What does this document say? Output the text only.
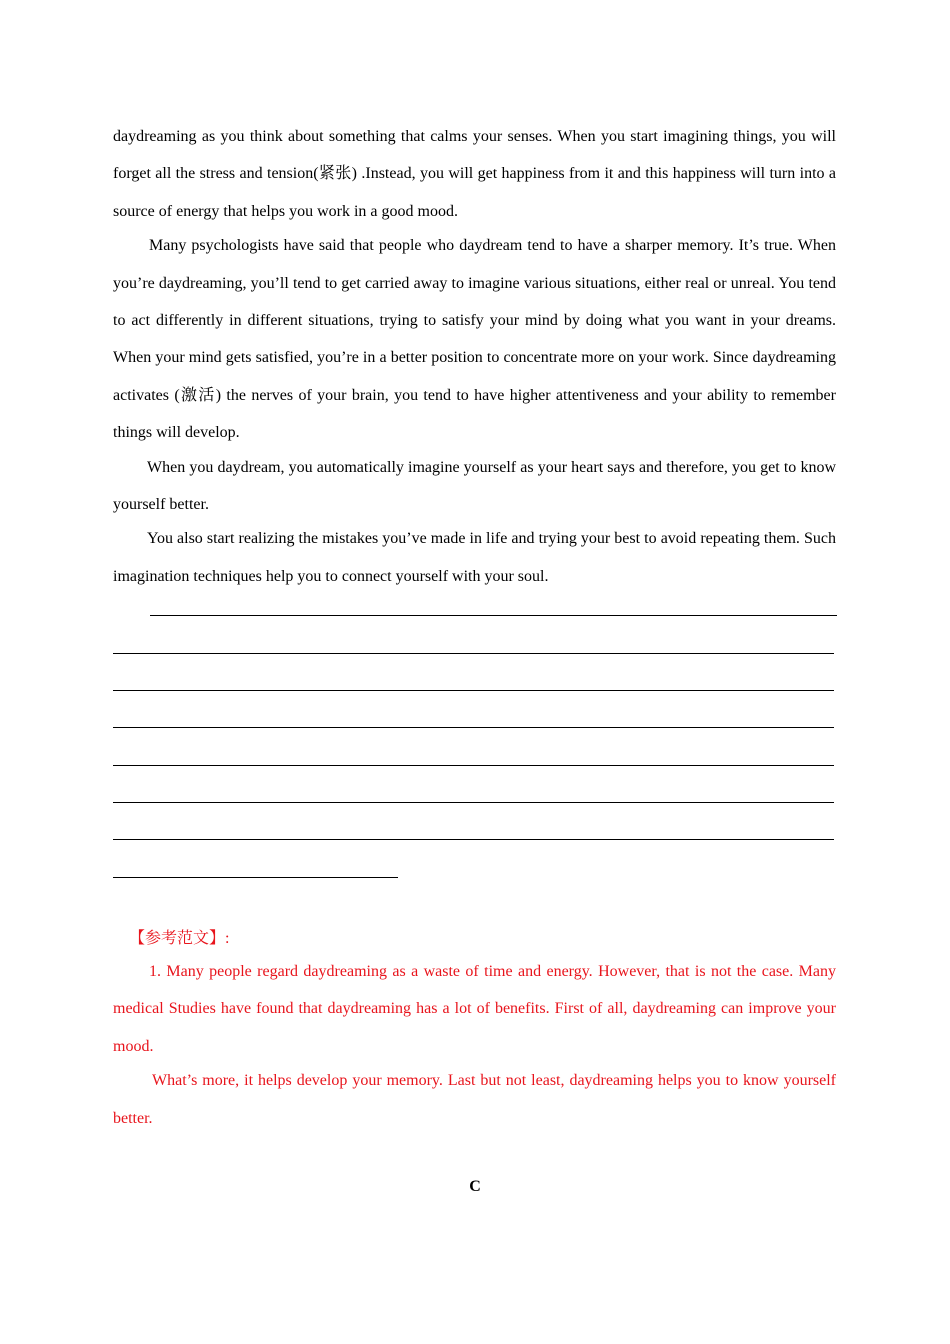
daydreaming as you think about something that calms your senses. When you start imagining things, you will forget all the stress and tension(紧张) .Instead, you will get happiness from it and this happiness will turn into a source of energy that helps you work in a good mood.

Many psychologists have said that people who daydream tend to have a sharper memory. It’s true. When you’re daydreaming, you’ll tend to get carried away to imagine various situations, either real or unreal. You tend to act differently in different situations, trying to satisfy your mind by doing what you want in your dreams. When your mind gets satisfied, you’re in a better position to concentrate more on your work. Since daydreaming activates (激活) the nerves of your brain, you tend to have higher attentiveness and your ability to remember things will develop.

When you daydream, you automatically imagine yourself as your heart says and therefore, you get to know yourself better.

You also start realizing the mistakes you’ve made in life and trying your best to avoid repeating them. Such imagination techniques help you to connect yourself with your soul.

【参考范文】:

1. Many people regard daydreaming as a waste of time and energy. However, that is not the case. Many medical Studies have found that daydreaming has a lot of benefits. First of all, daydreaming can improve your mood.

What’s more, it helps develop your memory. Last but not least, daydreaming helps you to know yourself better.

C
